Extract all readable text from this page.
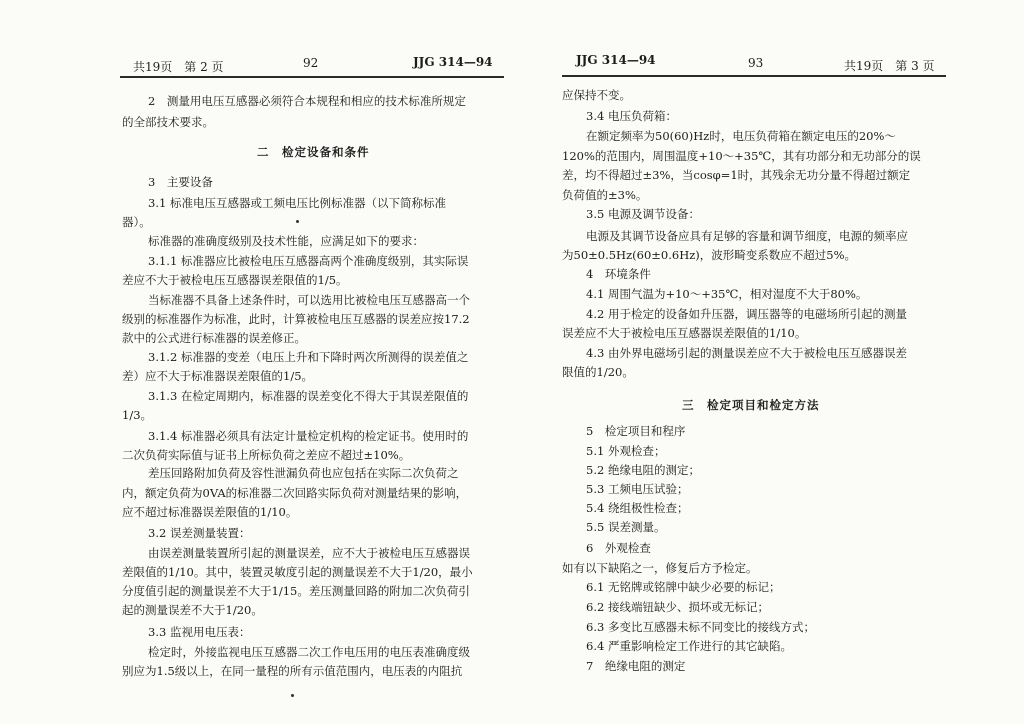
共19页　第 2 页	92	JJG 314—94
2　测量用电压互感器必须符合本规程和相应的技术标准所规定
的全部技术要求。
二　检定设备和条件
3　主要设备
3.1 标准电压互感器或工频电压比例标准器（以下简称标准
器）。
标准器的准确度级别及技术性能，应满足如下的要求：
3.1.1 标准器应比被检电压互感器高两个准确度级别，其实际误
差应不大于被检电压互感器误差限值的1/5。
当标准器不具备上述条件时，可以选用比被检电压互感器高一个
级别的标准器作为标准，此时，计算被检电压互感器的误差应按17.2
款中的公式进行标准器的误差修正。
3.1.2 标准器的变差（电压上升和下降时两次所测得的误差值之
差）应不大于标准器误差限值的1/5。
3.1.3 在检定周期内，标准器的误差变化不得大于其误差限值的
1/3。
3.1.4 标准器必须具有法定计量检定机构的检定证书。使用时的
二次负荷实际值与证书上所标负荷之差应不超过±10%。
差压回路附加负荷及容性泄漏负荷也应包括在实际二次负荷之
内，额定负荷为0VA的标准器二次回路实际负荷对测量结果的影响，
应不超过标准器误差限值的1/10。
3.2 误差测量装置：
由误差测量装置所引起的测量误差，应不大于被检电压互感器误
差限值的1/10。其中，装置灵敏度引起的测量误差不大于1/20，最小
分度值引起的测量误差不大于1/15。差压测量回路的附加二次负荷引
起的测量误差不大于1/20。
3.3 监视用电压表：
检定时，外接监视电压互感器二次工作电压用的电压表准确度级
别应为1.5级以上，在同一量程的所有示值范围内，电压表的内阻抗
JJG 314—94	93	共19页　第 3 页
应保持不变。
3.4 电压负荷箱：
在额定频率为50(60)Hz时，电压负荷箱在额定电压的20%～
120%的范围内，周围温度+10～+35℃，其有功部分和无功部分的误
差，均不得超过±3%，当cosφ=1时，其残余无功分量不得超过额定
负荷值的±3%。
3.5 电源及调节设备：
电源及其调节设备应具有足够的容量和调节细度，电源的频率应
为50±0.5Hz(60±0.6Hz)，波形畸变系数应不超过5%。
4　环境条件
4.1 周围气温为+10～+35℃，相对湿度不大于80%。
4.2 用于检定的设备如升压器，调压器等的电磁场所引起的测量
误差应不大于被检电压互感器误差限值的1/10。
4.3 由外界电磁场引起的测量误差应不大于被检电压互感器误差
限值的1/20。
三　检定项目和检定方法
5　检定项目和程序
5.1 外观检查；
5.2 绝缘电阻的测定；
5.3 工频电压试验；
5.4 绕组极性检查；
5.5 误差测量。
6　外观检查
如有以下缺陷之一，修复后方予检定。
6.1 无铭牌或铭牌中缺少必要的标记；
6.2 接线端钮缺少、损坏或无标记；
6.3 多变比互感器未标不同变比的接线方式；
6.4 严重影响检定工作进行的其它缺陷。
7　绝缘电阻的测定
